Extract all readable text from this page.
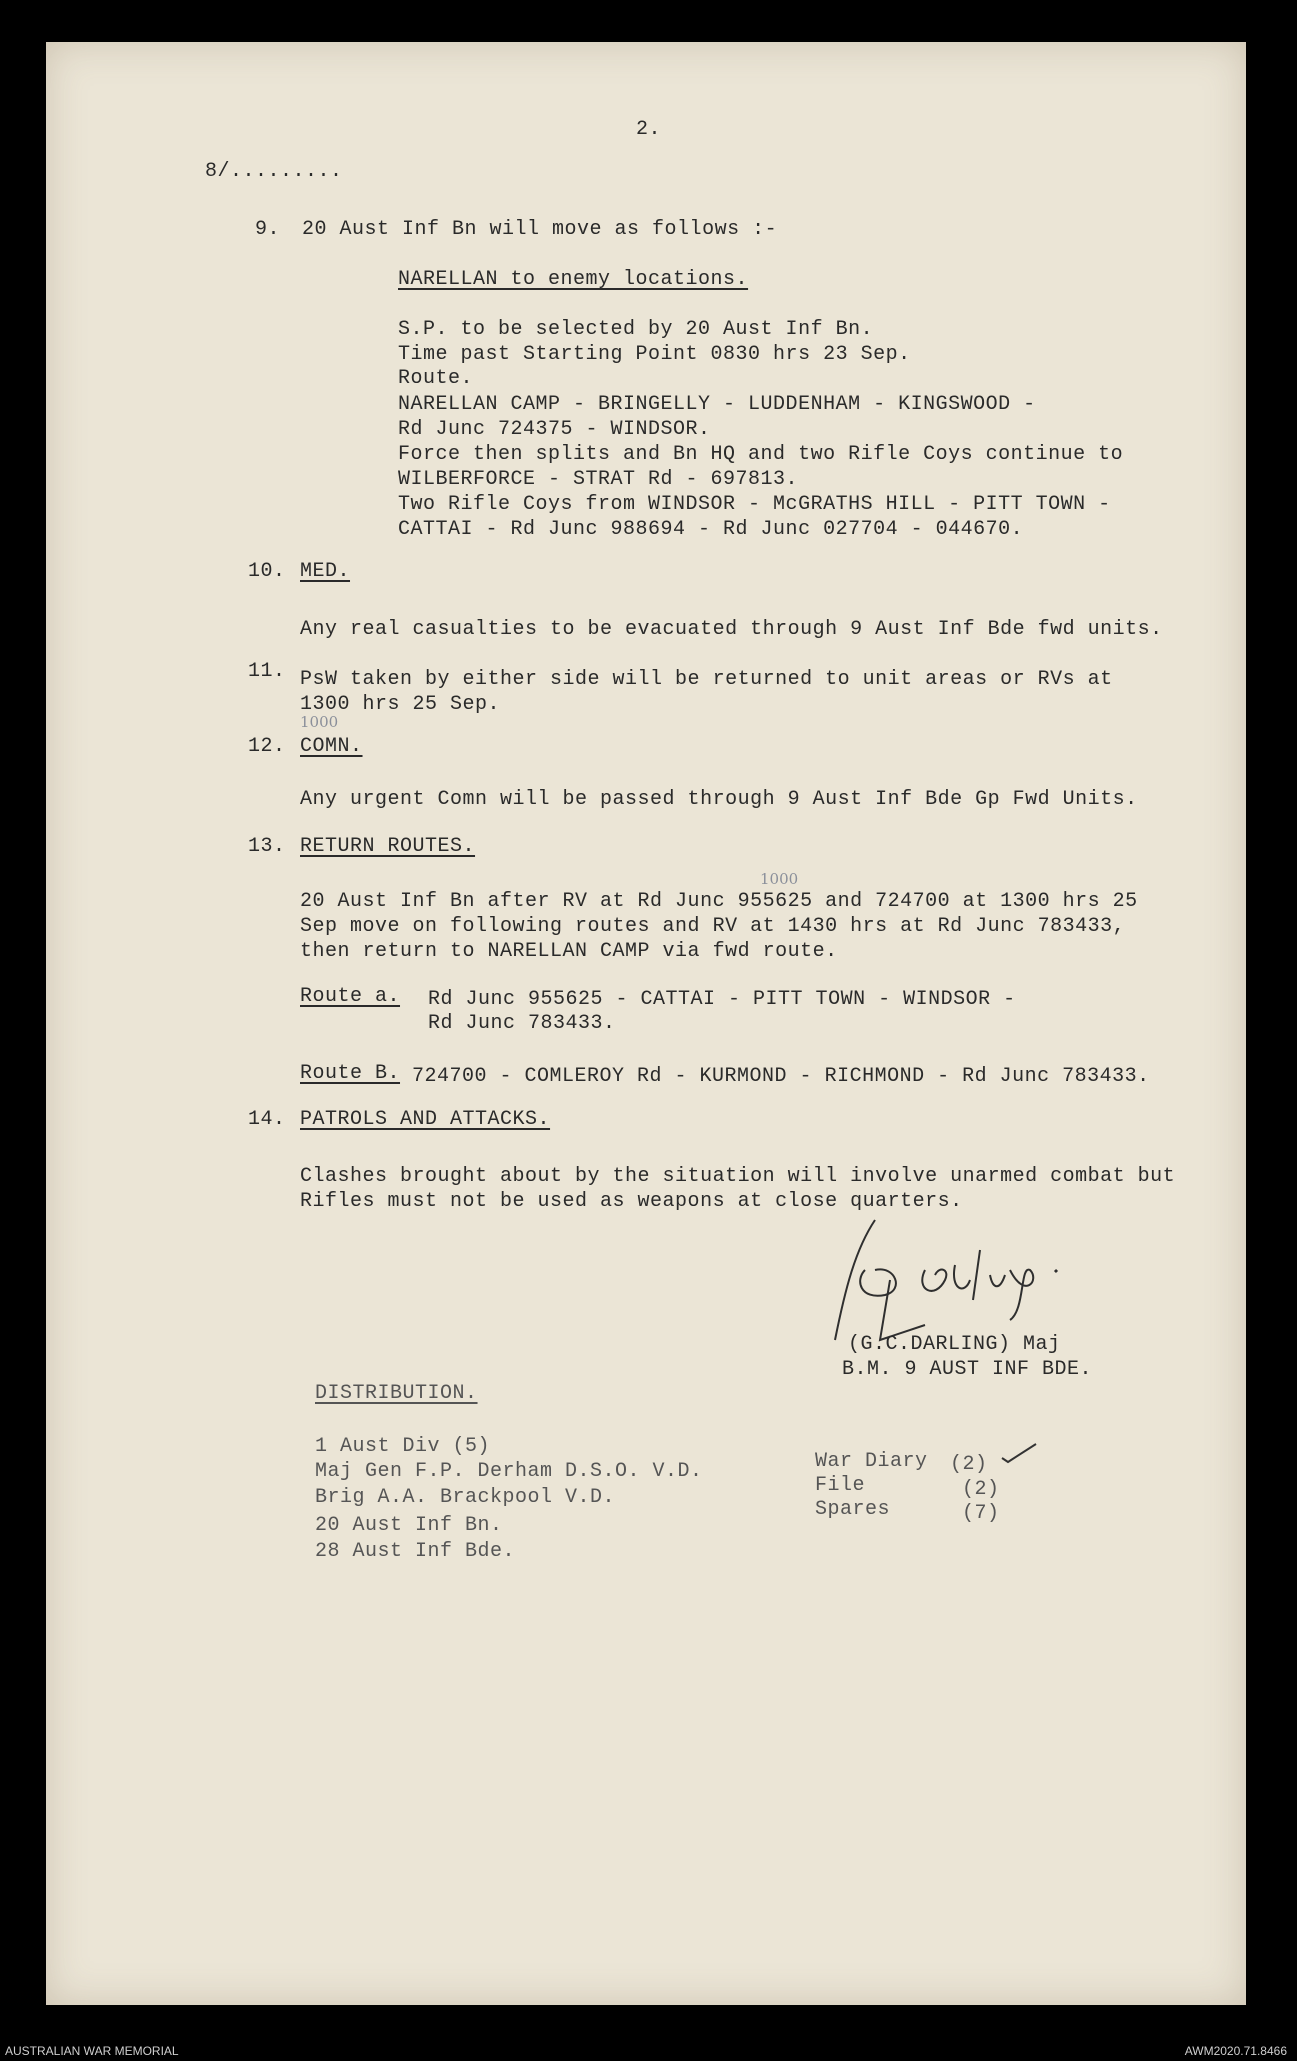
2.
8/.........
9. 20 Aust Inf Bn will move as follows :-
NARELLAN to enemy locations.
S.P. to be selected by 20 Aust Inf Bn.
Time past Starting Point 0830 hrs 23 Sep.
Route.
NARELLAN CAMP - BRINGELLY - LUDDENHAM - KINGSWOOD -
Rd Junc 724375 - WINDSOR.
Force then splits and Bn HQ and two Rifle Coys continue to
WILBERFORCE - STRAT Rd - 697813.
Two Rifle Coys from WINDSOR - McGRATHS HILL - PITT TOWN -
CATTAI - Rd Junc 988694 - Rd Junc 027704 - 044670.
10. MED.
Any real casualties to be evacuated through 9 Aust Inf Bde fwd units.
11. PsW taken by either side will be returned to unit areas or RVs at
1300 hrs 25 Sep.
1000
12. COMN.
Any urgent Comn will be passed through 9 Aust Inf Bde Gp Fwd Units.
13. RETURN ROUTES.
1000
20 Aust Inf Bn after RV at Rd Junc 955625 and 724700 at 1300 hrs 25
Sep move on following routes and RV at 1430 hrs at Rd Junc 783433,
then return to NARELLAN CAMP via fwd route.
Route a. Rd Junc 955625 - CATTAI - PITT TOWN - WINDSOR -
Rd Junc 783433.
Route B. 724700 - COMLEROY Rd - KURMOND - RICHMOND - Rd Junc 783433.
14. PATROLS AND ATTACKS.
Clashes brought about by the situation will involve unarmed combat but
Rifles must not be used as weapons at close quarters.
(G.C.DARLING) Maj
B.M. 9 AUST INF BDE.
DISTRIBUTION.
1 Aust Div (5)
Maj Gen F.P. Derham D.S.O. V.D.
Brig A.A. Brackpool V.D.
20 Aust Inf Bn.
28 Aust Inf Bde.
War Diary (2)
File	(2)
Spares	(7)
AUSTRALIAN WAR MEMORIAL	AWM2020.71.8466
